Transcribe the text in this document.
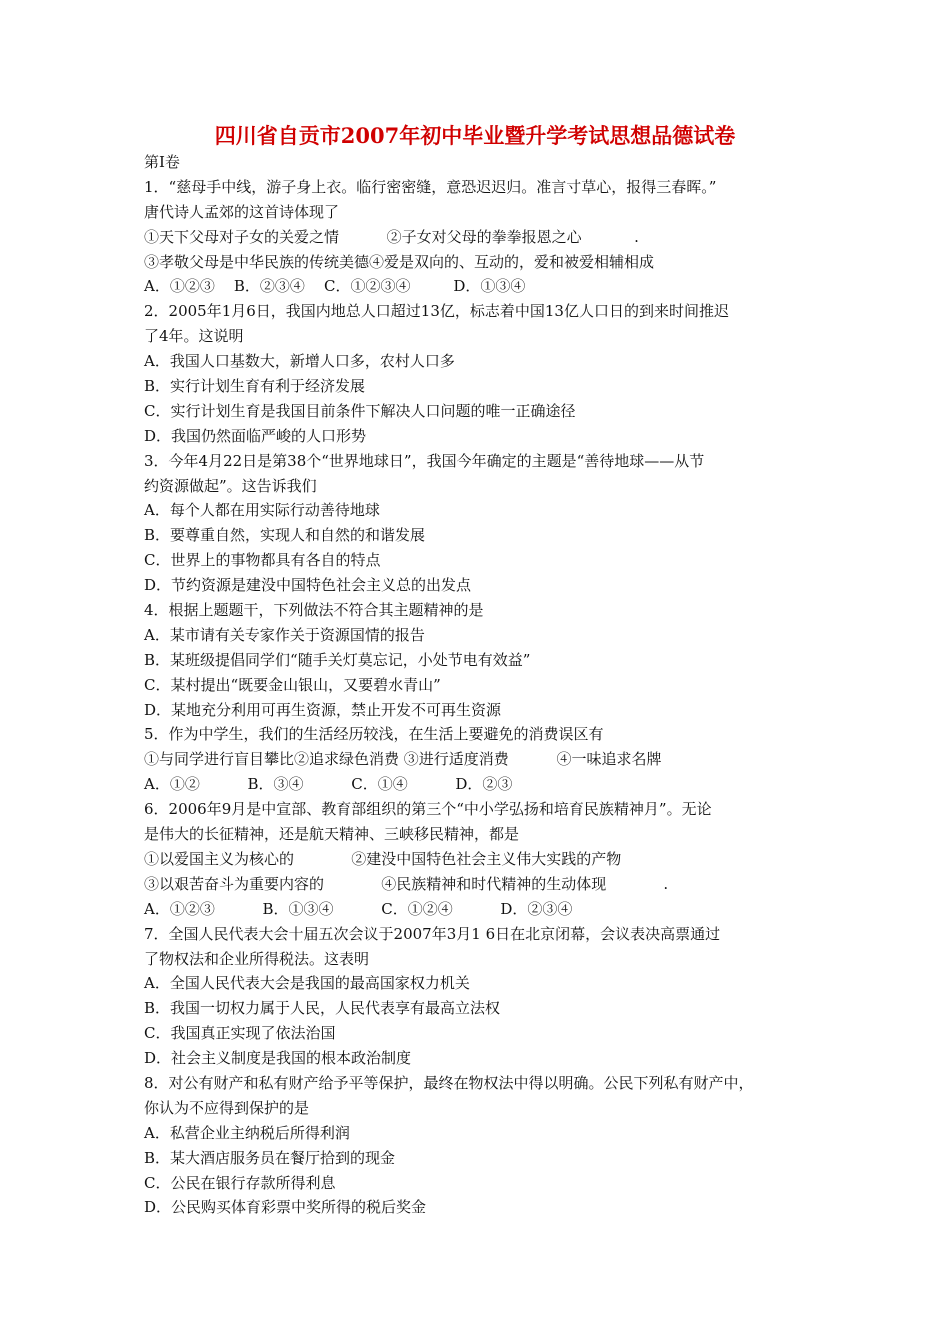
四川省自贡市2007年初中毕业暨升学考试思想品德试卷
第Ⅰ卷
1．“慈母手中线，游子身上衣。临行密密缝，意恐迟迟归。准言寸草心，报得三春晖。”
唐代诗人孟郊的这首诗体现了
①天下父母对子女的关爱之情          ②子女对父母的拳拳报恩之心           .
③孝敬父母是中华民族的传统美德④爱是双向的、互动的，爱和被爱相辅相成
A．①②③    B．②③④    C．①②③④         D．①③④
2．2005年1月6日，我国内地总人口超过13亿，标志着中国13亿人口日的到来时间推迟
了4年。这说明
A．我国人口基数大，新增人口多，农村人口多
B．实行计划生育有利于经济发展
C．实行计划生育是我国目前条件下解决人口问题的唯一正确途径
D．我国仍然面临严峻的人口形势
3．今年4月22日是第38个“世界地球日”，我国今年确定的主题是“善待地球——从节
约资源做起”。这告诉我们
A．每个人都在用实际行动善待地球
B．要尊重自然，实现人和自然的和谐发展
C．世界上的事物都具有各自的特点
D．节约资源是建没中国特色社会主义总的出发点
4．根据上题题干，下列做法不符合其主题精神的是
A．某市请有关专家作关于资源国情的报告
B．某班级提倡同学们“随手关灯莫忘记，小处节电有效益”
C．某村提出“既要金山银山，又要碧水青山”
D．某地充分利用可再生资源，禁止开发不可再生资源
5．作为中学生，我们的生活经历较浅，在生活上要避免的消费误区有
①与同学进行盲目攀比②追求绿色消费 ③进行适度消费          ④一味追求名牌
A．①②          B．③④          C．①④          D．②③
6．2006年9月是中宣部、教育部组织的第三个“中小学弘扬和培育民族精神月”。无论
是伟大的长征精神，还是航天精神、三峡移民精神，都是
①以爱国主义为核心的            ②建没中国特色社会主义伟大实践的产物
③以艰苦奋斗为重要内容的            ④民族精神和时代精神的生动体现            .
A．①②③          B．①③④          C．①②④          D．②③④
7．全国人民代表大会十届五次会议于2007年3月1 6日在北京闭幕，会议表决高票通过
了物权法和企业所得税法。这表明
A．全国人民代表大会是我国的最高国家权力机关
B．我国一切权力属于人民，人民代表享有最高立法权
C．我国真正实现了依法治国
D．社会主义制度是我国的根本政治制度
8．对公有财产和私有财产给予平等保护，最终在物权法中得以明确。公民下列私有财产中，
你认为不应得到保护的是
A．私营企业主纳税后所得利润
B．某大酒店服务员在餐厅拾到的现金
C．公民在银行存款所得利息
D．公民购买体育彩票中奖所得的税后奖金
